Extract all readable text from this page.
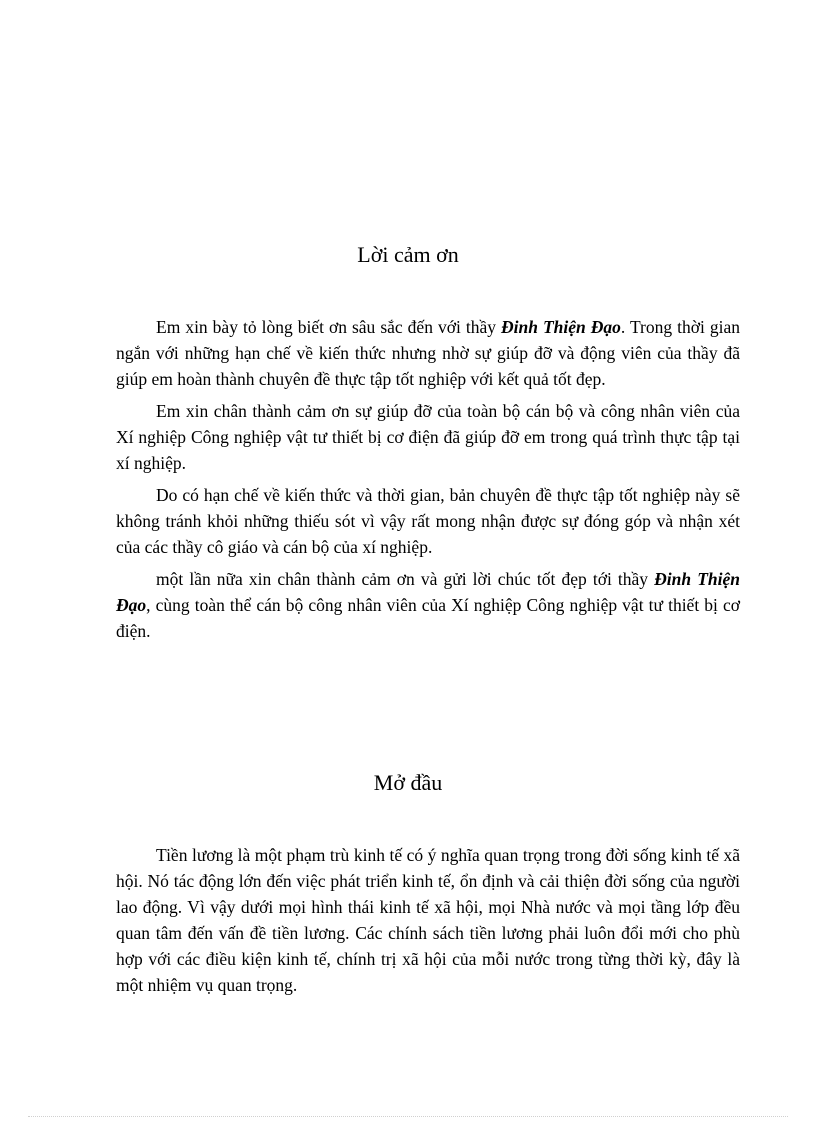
Lời cảm ơn

Em xin bày tỏ lòng biết ơn sâu sắc đến với thầy Đinh Thiện Đạo. Trong thời gian ngắn với những hạn chế về kiến thức nhưng nhờ sự giúp đỡ và động viên của thầy đã giúp em hoàn thành chuyên đề thực tập tốt nghiệp với kết quả tốt đẹp.

Em xin chân thành cảm ơn sự giúp đỡ của toàn bộ cán bộ và công nhân viên của Xí nghiệp Công nghiệp vật tư thiết bị cơ điện đã giúp đỡ em trong quá trình thực tập tại xí nghiệp.

Do có hạn chế về kiến thức và thời gian, bản chuyên đề thực tập tốt nghiệp này sẽ không tránh khỏi những thiếu sót vì vậy rất mong nhận được sự đóng góp và nhận xét của các thầy cô giáo và cán bộ của xí nghiệp.

một lần nữa xin chân thành cảm ơn và gửi lời chúc tốt đẹp tới thầy Đinh Thiện Đạo, cùng toàn thể cán bộ công nhân viên của Xí nghiệp Công nghiệp vật tư thiết bị cơ điện.

Mở đầu

Tiền lương là một phạm trù kinh tế có ý nghĩa quan trọng trong đời sống kinh tế xã hội. Nó tác động lớn đến việc phát triển kinh tế, ổn định và cải thiện đời sống của người lao động. Vì vậy dưới mọi hình thái kinh tế xã hội, mọi Nhà nước và mọi tầng lớp đều quan tâm đến vấn đề tiền lương. Các chính sách tiền lương phải luôn đổi mới cho phù hợp với các điều kiện kinh tế, chính trị xã hội của mỗi nước trong từng thời kỳ, đây là một nhiệm vụ quan trọng.
